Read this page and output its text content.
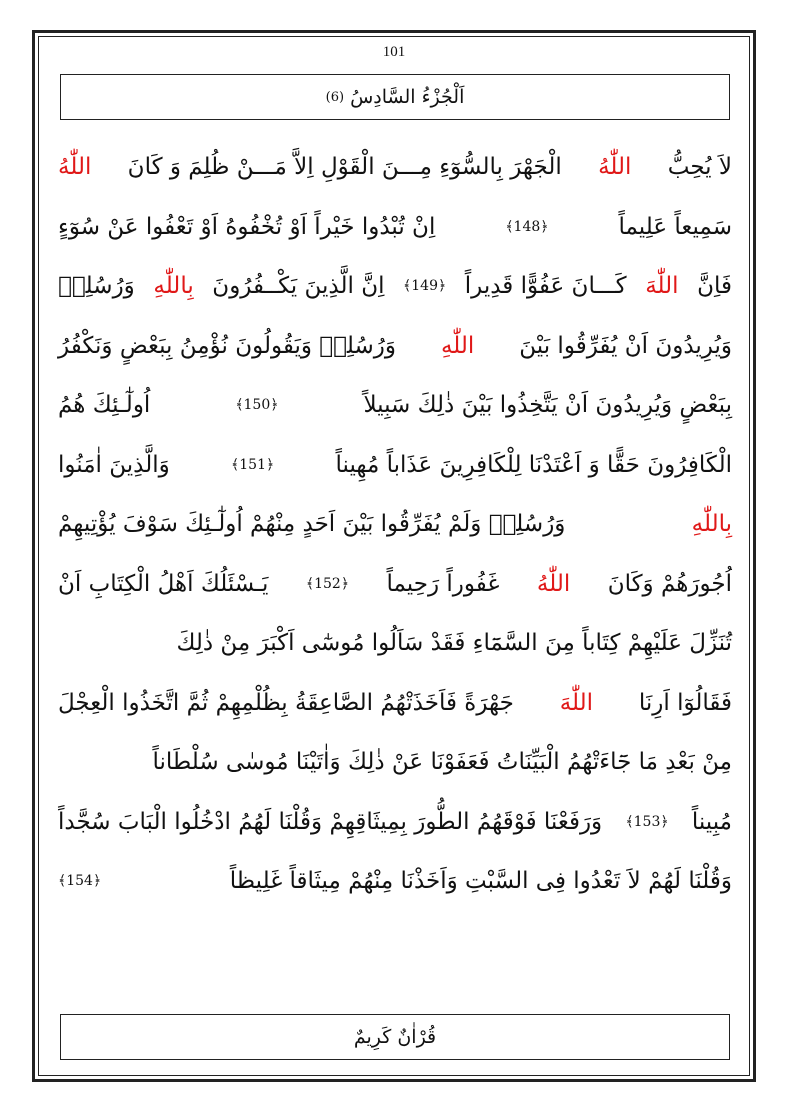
101
اَلْجُزْءُ السَّادِسُ
(6)
لاَ يُحِبُّ
اللّٰهُ
الْجَهْرَ بِالسُّوٓءِ مِـــنَ الْقَوْلِ اِلاَّ مَـــنْ ظُلِمَ وَ كَانَ
اللّٰهُ
سَمِيعاً عَلِيماً
﴿148﴾
اِنْ تُبْدُوا خَيْراً اَوْ تُخْفُوهُ اَوْ تَعْفُوا عَنْ سُوٓءٍ
فَاِنَّ
اللّٰهَ
كَـــانَ عَفُوًّا قَدِيراً
﴿149﴾
اِنَّ الَّذِينَ يَكْــفُرُونَ
بِاللّٰهِ
وَرُسُلِهٖ
وَيُرِيدُونَ اَنْ يُفَرِّقُوا بَيْنَ
اللّٰهِ
وَرُسُلِهٖ وَيَقُولُونَ نُؤْمِنُ بِبَعْضٍ وَنَكْفُرُ
بِبَعْضٍ وَيُرِيدُونَ اَنْ يَتَّخِذُوا بَيْنَ ذٰلِكَ سَبِيلاً
﴿150﴾
اُولٰٓـئِكَ هُمُ
الْكَافِرُونَ حَقًّا وَ اَعْتَدْنَا لِلْكَافِرِينَ عَذَاباً مُهِيناً
﴿151﴾
وَالَّذِينَ اٰمَنُوا
بِاللّٰهِ
وَرُسُلِهٖ وَلَمْ يُفَرِّقُوا بَيْنَ اَحَدٍ مِنْهُمْ اُولٰٓـئِكَ سَوْفَ يُؤْتِيهِمْ
اُجُورَهُمْ وَكَانَ
اللّٰهُ
غَفُوراً رَحِيماً
﴿152﴾
يَـسْئَلُكَ اَهْلُ الْكِتَابِ اَنْ
تُنَزِّلَ عَلَيْهِمْ كِتَاباً مِنَ السَّمَٓاءِ فَقَدْ سَاَلُوا مُوسٰٓى اَكْبَرَ مِنْ ذٰلِكَ
فَقَالُوٓا اَرِنَا
اللّٰهَ
جَهْرَةً فَاَخَذَتْهُمُ الصَّاعِقَةُ بِظُلْمِهِمْ ثُمَّ اتَّخَذُوا الْعِجْلَ
مِنْ بَعْدِ مَا جَٓاءَتْهُمُ الْبَيِّنَاتُ فَعَفَوْنَا عَنْ ذٰلِكَ وَاٰتَيْنَا مُوسٰى سُلْطَاناً
مُبِيناً
﴿153﴾
وَرَفَعْنَا فَوْقَهُمُ الطُّورَ بِمِيثَاقِهِمْ وَقُلْنَا لَهُمُ ادْخُلُوا الْبَابَ سُجَّداً
وَقُلْنَا لَهُمْ لاَ تَعْدُوا فِى السَّبْتِ وَاَخَذْنَا مِنْهُمْ مِيثَاقاً غَلِيظاً
﴿154﴾
قُرْاٰنٌ كَرِيمٌ
